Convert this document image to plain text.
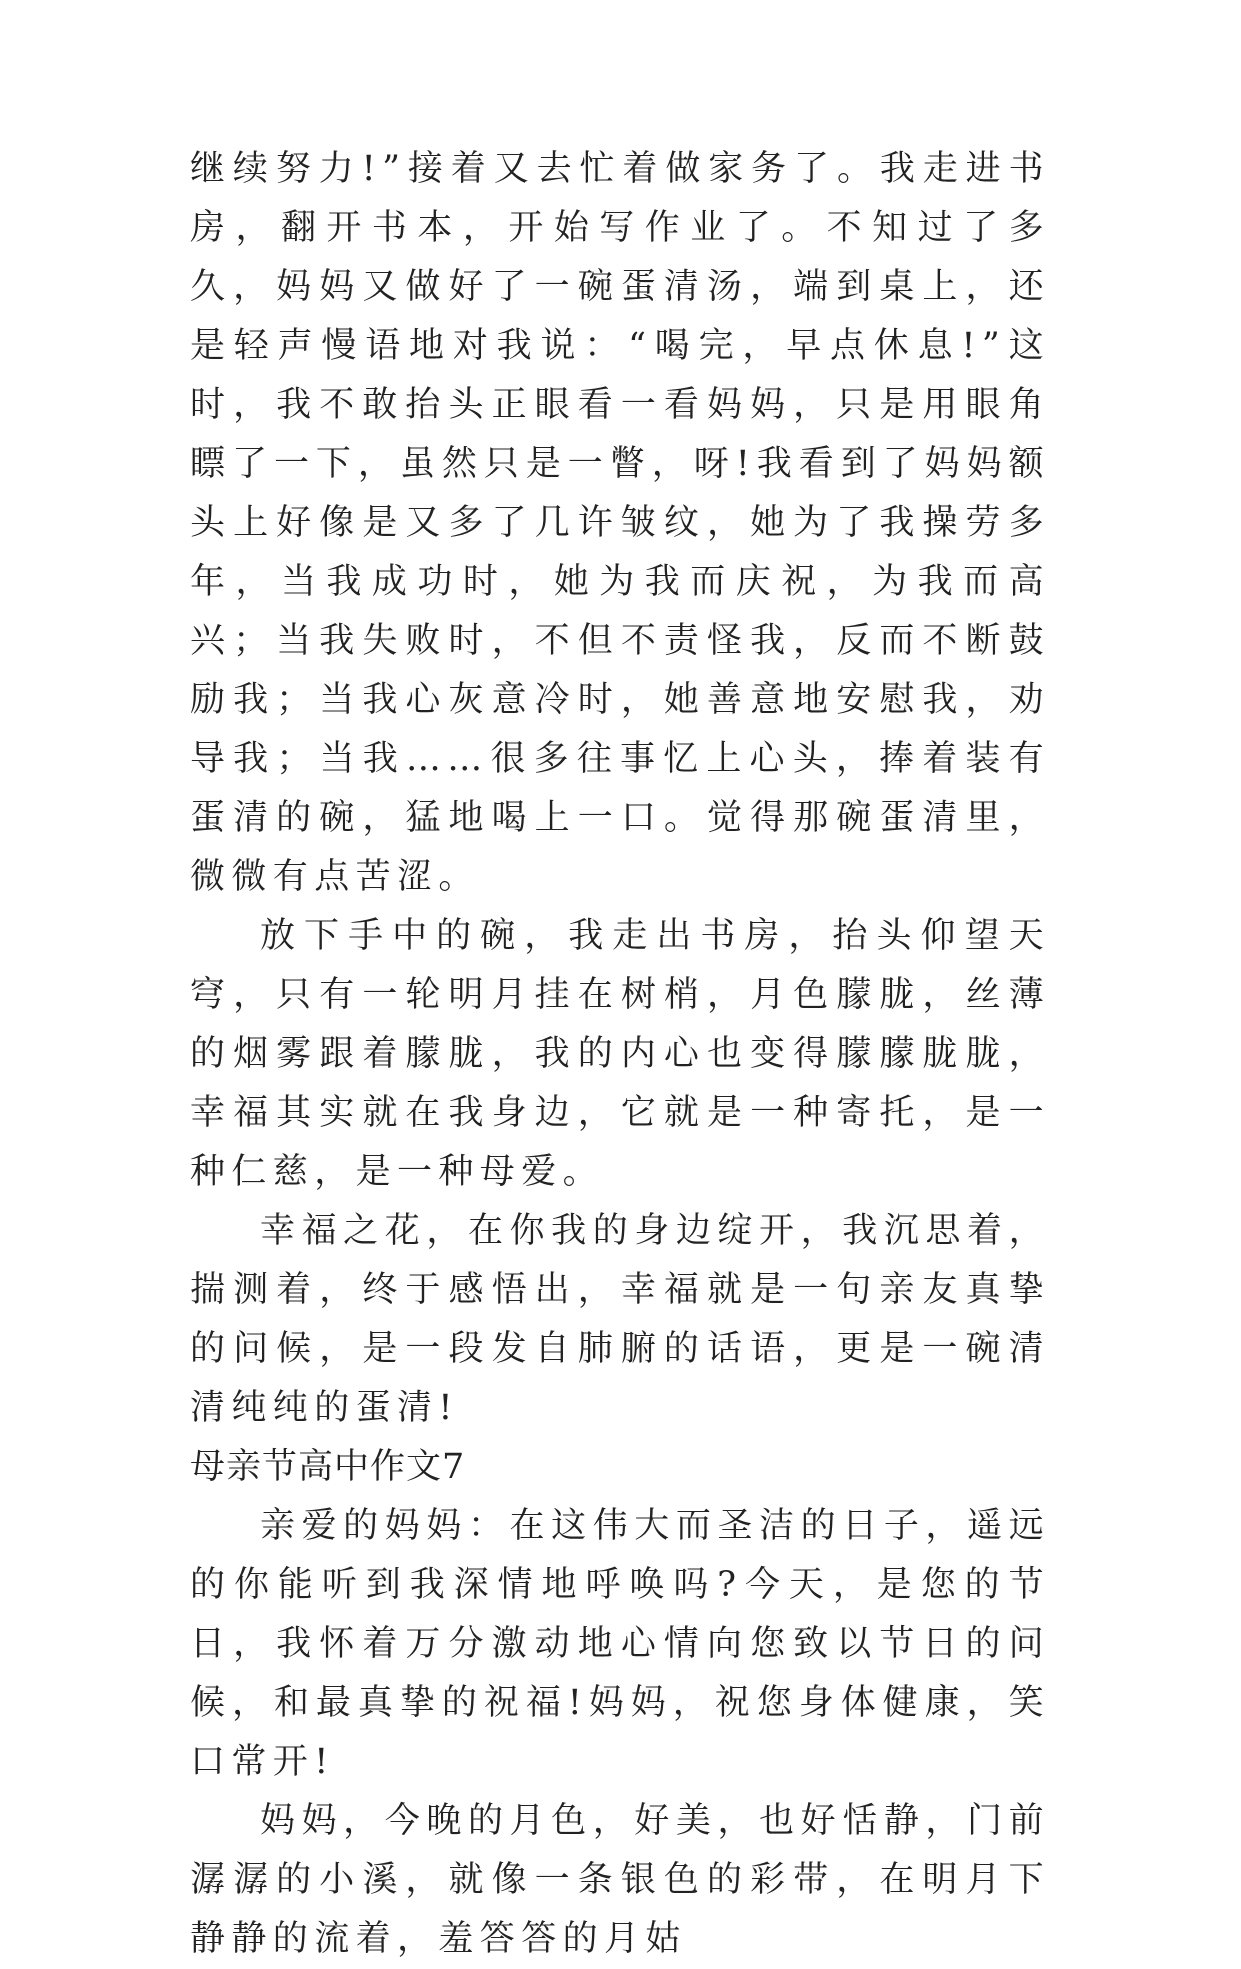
继续努力!”接着又去忙着做家务了。我走进书房，翻开书本，开始写作业了。不知过了多久，妈妈又做好了一碗蛋清汤，端到桌上，还是轻声慢语地对我说：“喝完，早点休息!”这时，我不敢抬头正眼看一看妈妈，只是用眼角瞟了一下，虽然只是一瞥，呀!我看到了妈妈额头上好像是又多了几许皱纹，她为了我操劳多年，当我成功时，她为我而庆祝，为我而高兴；当我失败时，不但不责怪我，反而不断鼓励我；当我心灰意冷时，她善意地安慰我，劝导我；当我……很多往事忆上心头，捧着装有蛋清的碗，猛地喝上一口。觉得那碗蛋清里，微微有点苦涩。

放下手中的碗，我走出书房，抬头仰望天穹，只有一轮明月挂在树梢，月色朦胧，丝薄的烟雾跟着朦胧，我的内心也变得朦朦胧胧，幸福其实就在我身边，它就是一种寄托，是一种仁慈，是一种母爱。

幸福之花，在你我的身边绽开，我沉思着，揣测着，终于感悟出，幸福就是一句亲友真挚的问候，是一段发自肺腑的话语，更是一碗清清纯纯的蛋清!

母亲节高中作文7

亲爱的妈妈：在这伟大而圣洁的日子，遥远的你能听到我深情地呼唤吗?今天，是您的节日，我怀着万分激动地心情向您致以节日的问候，和最真挚的祝福!妈妈，祝您身体健康，笑口常开!

妈妈，今晚的月色，好美，也好恬静，门前潺潺的小溪，就像一条银色的彩带，在明月下静静的流着，羞答答的月姑
